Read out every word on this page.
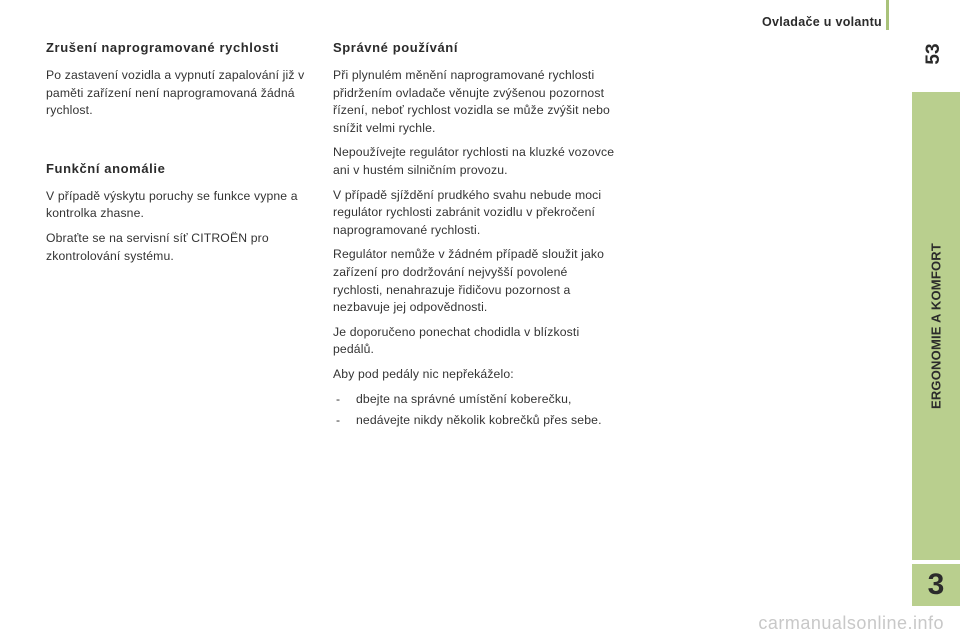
Ovladače u volantu
53
ERGONOMIE A KOMFORT
3
Zrušení naprogramované rychlosti

Po zastavení vozidla a vypnutí zapalování již v paměti zařízení není naprogramovaná žádná rychlost.

Funkční anomálie

V případě výskytu poruchy se funkce vypne a kontrolka zhasne.

Obraťte se na servisní síť CITROËN pro zkontrolování systému.

Správné používání

Při plynulém měnění naprogramované rychlosti přidržením ovladače věnujte zvýšenou pozornost řízení, neboť rychlost vozidla se může zvýšit nebo snížit velmi rychle.

Nepoužívejte regulátor rychlosti na kluzké vozovce ani v hustém silničním provozu.

V případě sjíždění prudkého svahu nebude moci regulátor rychlosti zabránit vozidlu v překročení naprogramované rychlosti.

Regulátor nemůže v žádném případě sloužit jako zařízení pro dodržování nejvyšší povolené rychlosti, nenahrazuje řidičovu pozornost a nezbavuje jej odpovědnosti.

Je doporučeno ponechat chodidla v blízkosti pedálů.

Aby pod pedály nic nepřekáželo:

- dbejte na správné umístění koberečku,
- nedávejte nikdy několik kobrečků přes sebe.
carmanualsonline.info
